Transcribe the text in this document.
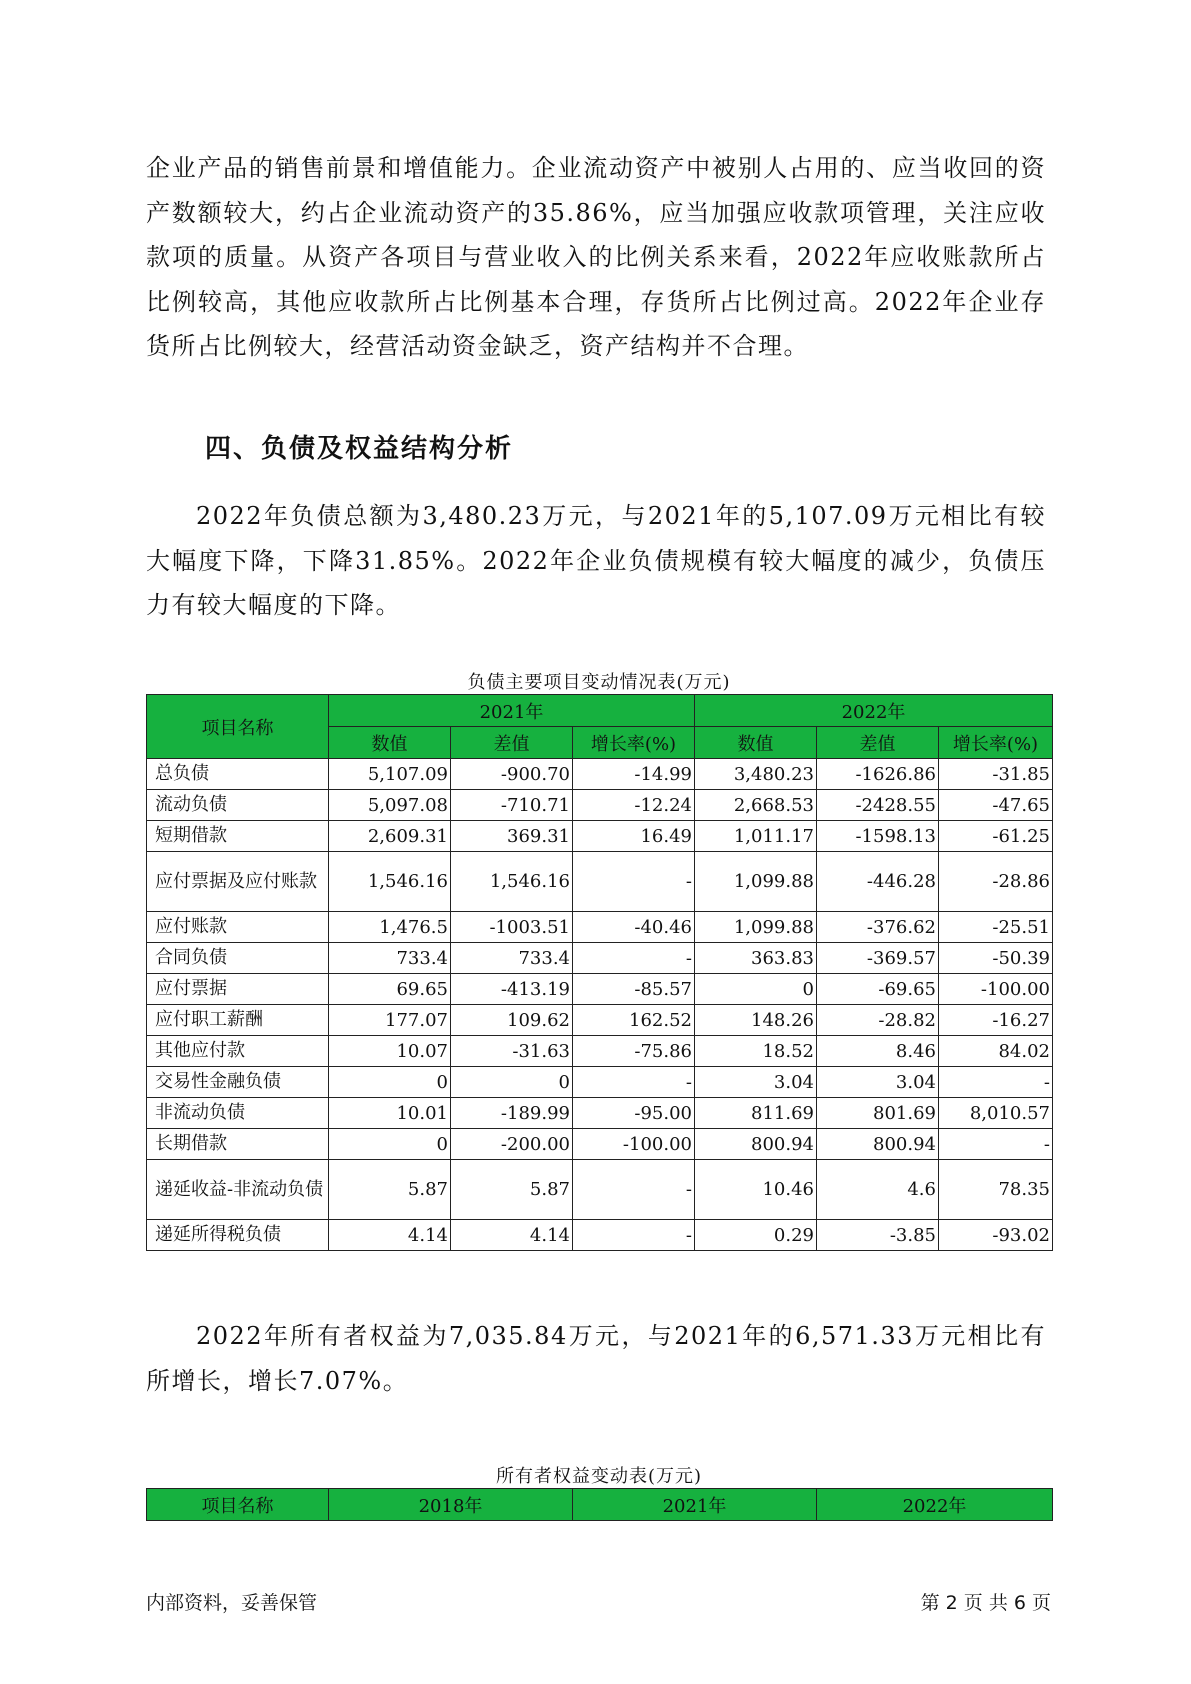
企业产品的销售前景和增值能力。企业流动资产中被别人占用的、应当收回的资产数额较大，约占企业流动资产的35.86%，应当加强应收款项管理，关注应收款项的质量。从资产各项目与营业收入的比例关系来看，2022年应收账款所占比例较高，其他应收款所占比例基本合理，存货所占比例过高。2022年企业存货所占比例较大，经营活动资金缺乏，资产结构并不合理。

四、负债及权益结构分析

2022年负债总额为3,480.23万元，与2021年的5,107.09万元相比有较大幅度下降，下降31.85%。2022年企业负债规模有较大幅度的减少，负债压力有较大幅度的下降。

负债主要项目变动情况表(万元)
项目名称	2021年			2022年		
	数值	差值	增长率(%)	数值	差值	增长率(%)
总负债	5,107.09	-900.70	-14.99	3,480.23	-1626.86	-31.85
流动负债	5,097.08	-710.71	-12.24	2,668.53	-2428.55	-47.65
短期借款	2,609.31	369.31	16.49	1,011.17	-1598.13	-61.25
应付票据及应付账款	1,546.16	1,546.16	-	1,099.88	-446.28	-28.86
应付账款	1,476.5	-1003.51	-40.46	1,099.88	-376.62	-25.51
合同负债	733.4	733.4	-	363.83	-369.57	-50.39
应付票据	69.65	-413.19	-85.57	0	-69.65	-100.00
应付职工薪酬	177.07	109.62	162.52	148.26	-28.82	-16.27
其他应付款	10.07	-31.63	-75.86	18.52	8.46	84.02
交易性金融负债	0	0	-	3.04	3.04	-
非流动负债	10.01	-189.99	-95.00	811.69	801.69	8,010.57
长期借款	0	-200.00	-100.00	800.94	800.94	-
递延收益-非流动负债	5.87	5.87	-	10.46	4.6	78.35
递延所得税负债	4.14	4.14	-	0.29	-3.85	-93.02

2022年所有者权益为7,035.84万元，与2021年的6,571.33万元相比有所增长，增长7.07%。

所有者权益变动表(万元)
项目名称	2018年	2021年	2022年
内部资料，妥善保管	第 2 页 共 6 页
